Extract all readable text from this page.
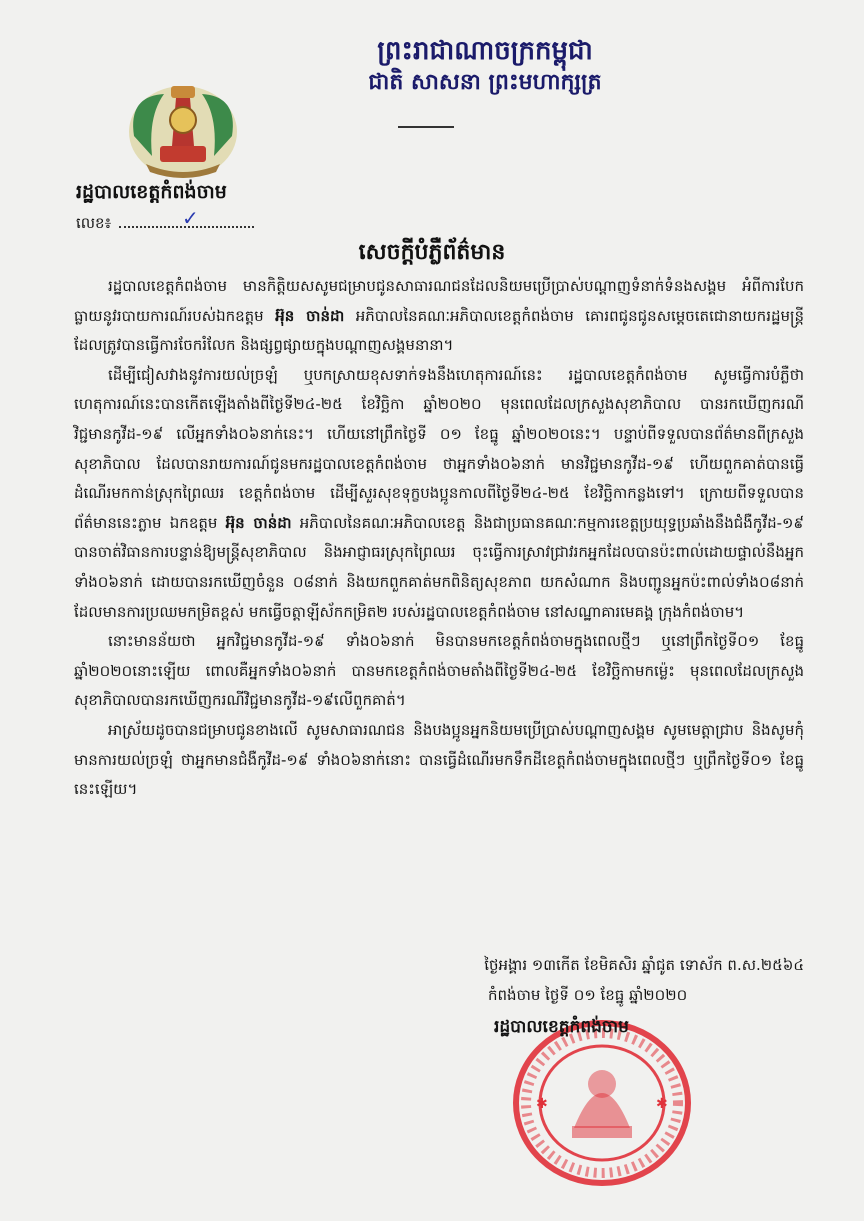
ព្រះរាជាណាចក្រកម្ពុជា
ជាតិ សាសនា ព្រះមហាក្សត្រ
រដ្ឋបាលខេត្តកំពង់ចាម
លេខ៖	✓
សេចក្តីបំភ្លឺព័ត៌មាន

រដ្ឋបាលខេត្តកំពង់ចាម មានកិត្តិយសសូមជម្រាបជូនសាធារណជនដែលនិយមប្រើប្រាស់បណ្តាញទំនាក់ទំនងសង្គម អំពីការបែកធ្លាយនូវរបាយការណ៍របស់ឯកឧត្តម អ៊ុន ចាន់ដា អភិបាលនៃគណៈអភិបាលខេត្តកំពង់ចាម គោរពជូនជូនសម្តេចតេជោនាយករដ្ឋមន្ត្រី ដែលត្រូវបានធ្វើការចែករំលែក និងផ្សព្វផ្សាយក្នុងបណ្តាញសង្គមនានា។

ដើម្បីជៀសវាងនូវការយល់ច្រឡំ ឬបកស្រាយខុសទាក់ទងនឹងហេតុការណ៍នេះ រដ្ឋបាលខេត្តកំពង់ចាម សូមធ្វើការបំភ្លឺថា ហេតុការណ៍នេះបានកើតឡើងតាំងពីថ្ងៃទី២៤-២៥ ខែវិច្ឆិកា ឆ្នាំ២០២០ មុនពេលដែលក្រសួងសុខាភិបាល បានរកឃើញករណីវិជ្ជមានកូវីដ-១៩ លើអ្នកទាំង០៦នាក់នេះ។ ហើយនៅព្រឹកថ្ងៃទី ០១ ខែធ្នូ ឆ្នាំ២០២០នេះ។ បន្ទាប់ពីទទួលបានព័ត៌មានពីក្រសួងសុខាភិបាល ដែលបានរាយការណ៍ជូនមករដ្ឋបាលខេត្តកំពង់ចាម ថាអ្នកទាំង០៦នាក់ មានវិជ្ជមានកូវីដ-១៩ ហើយពួកគាត់បានធ្វើដំណើរមកកាន់ស្រុកព្រៃឈរ ខេត្តកំពង់ចាម ដើម្បីសួរសុខទុក្ខបងប្អូនកាលពីថ្ងៃទី២៤-២៥ ខែវិច្ឆិកាកន្លងទៅ។ ក្រោយពីទទួលបានព័ត៌មាននេះភ្លាម ឯកឧត្តម អ៊ុន ចាន់ដា អភិបាលនៃគណៈអភិបាលខេត្ត និងជាប្រធានគណៈកម្មការខេត្តប្រយុទ្ធប្រឆាំងនឹងជំងឺកូវីដ-១៩ បានចាត់វិធានការបន្ទាន់ឱ្យមន្ត្រីសុខាភិបាល និងអាជ្ញាធរស្រុកព្រៃឈរ ចុះធ្វើការស្រាវជ្រាវរកអ្នកដែលបានប៉ះពាល់ដោយផ្ទាល់នឹងអ្នកទាំង០៦នាក់ ដោយបានរកឃើញចំនួន ០៨នាក់ និងយកពួកគាត់មកពិនិត្យសុខភាព យកសំណាក និងបញ្ជូនអ្នកប៉ះពាល់ទាំង០៨នាក់ដែលមានការប្រឈមកម្រិតខ្ពស់ មកធ្វើចត្តាឡីស័កកម្រិត២ របស់រដ្ឋបាលខេត្តកំពង់ចាម នៅសណ្ឋាគារមេគង្គ ក្រុងកំពង់ចាម។

នោះមានន័យថា អ្នកវិជ្ជមានកូវីដ-១៩ ទាំង០៦នាក់ មិនបានមកខេត្តកំពង់ចាមក្នុងពេលថ្មីៗ ឬនៅព្រឹកថ្ងៃទី០១ ខែធ្នូ ឆ្នាំ២០២០នោះឡើយ ពោលគឺអ្នកទាំង០៦នាក់ បានមកខេត្តកំពង់ចាមតាំងពីថ្ងៃទី២៤-២៥ ខែវិច្ឆិកាមកម្ល៉េះ មុនពេលដែលក្រសួងសុខាភិបាលបានរកឃើញករណីវិជ្ជមានកូវីដ-១៩លើពួកគាត់។

អាស្រ័យដូចបានជម្រាបជូនខាងលើ សូមសាធារណជន និងបងប្អូនអ្នកនិយមប្រើប្រាស់បណ្តាញសង្គម សូមមេត្តាជ្រាប និងសូមកុំមានការយល់ច្រឡំ ថាអ្នកមានជំងឺកូវីដ-១៩ ទាំង០៦នាក់នោះ បានធ្វើដំណើរមកទឹកដីខេត្តកំពង់ចាមក្នុងពេលថ្មីៗ ឬព្រឹកថ្ងៃទី០១ ខែធ្នូនេះឡើយ។

ថ្ងៃអង្គារ ១៣កើត ខែមិគសិរ ឆ្នាំជូត ទោស័ក ព.ស.២៥៦៤
កំពង់ចាម ថ្ងៃទី ០១ ខែធ្នូ ឆ្នាំ២០២០
✱	✱
រដ្ឋបាលខេត្តកំពង់ចាម
